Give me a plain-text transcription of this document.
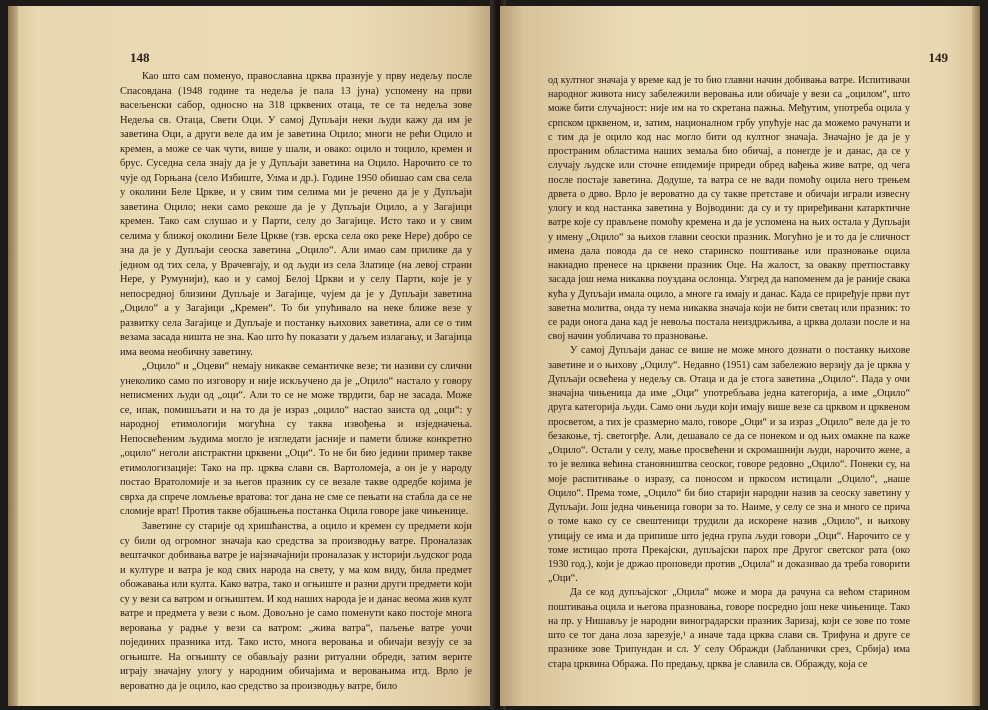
148

Као што сам поменуо, православна црква празнује у прву недељу после Спасовдана (1948 године та недеља је пала 13 јуна) успомену на први васељенски сабор, односно на 318 црквених отаца, те се та недеља зове Недеља св. Отаца, Свети Оци. У самој Дупљаји неки људи кажу да им је заветина Оци, а други веле да им је заветина Оцило; многи не рећи Оцило и кремен, а може се чак чути, више у шали, и овако: оцило и тоцило, кремен и брус. Суседна села знају да је у Дупљаји заветина на Оцило. Нарочито се то чује од Горњана (село Избиште, Улма и др.). Године 1950 обишао сам сва села у околини Беле Цркве, и у свим тим селима ми је речено да је у Дупљаји заветина Оцило; неки само рекоше да је у Дупљаји Оцило, а у Загајици кремен. Тако сам слушао и у Парти, селу до Загајице. Исто тако и у свим селима у ближој околини Беле Цркве (тзв. ерска села око реке Нере) добро се зна да је у Дупљаји сеоска заветина „Оцило“. Али имао сам прилике да у једном од тих села, у Врачевгају, и од људи из села Златице (на левој страни Нере, у Румунији), као и у самој Белој Цркви и у селу Парти, које је у непосредној близини Дупљаје и Загајице, чујем да је у Дупљаји заветина „Оцило“ а у Загајици „Кремен“. То би упућивало на неке ближе везе у развитку села Загајице и Дупљаје и постанку њихових заветина, али се о тим везама засада ништа не зна. Као што ћу показати у даљем излагању, и Загајица има веома необичну заветину.

„Оцило“ и „Оцеви“ немају никакве семантичке везе; ти називи су слични унеколико само по изговору и није искључено да је „Оцило“ настало у говору неписмених људи од „оци“. Али то се не може тврдити, бар не засада. Може се, ипак, помишљати и на то да је израз „оцило“ настао заиста од „оци“: у народној етимологији могућна су таква извођења и изједначења. Непосвећеним људима могло је изгледати јасније и памети ближе конкретно „оцило“ неголи апстрактни црквени „Оци“. То не би био једини пример такве етимологизације: Тако на пр. црква слави св. Вартоломеја, а он је у народу постао Вратоломије и за његов празник су се везале такве одредбе којима је сврха да спрече ломљење вратова: тог дана не сме се пењати на стабла да се не сломије врат! Против такве објашњења постанка Оцила говоре јаке чињенице.

Заветине су старије од хришћанства, а оцило и кремен су предмети који су били од огромног значаја као средства за производњу ватре. Проналазак вештачког добивања ватре је најзначајнији проналазак у историји људског рода и културе и ватра је код свих народа на свету, у ма ком виду, била предмет обожавања или култа. Како ватра, тако и огњиште и разни други предмети који су у вези са ватром и огњиштем. И код наших народа је и данас веома жив култ ватре и предмета у вези с њом. Довољно је само поменути како постоје многа веровања у радње у вези са ватром: „жива ватра“, паљење ватре уочи појединих празника итд. Тако исто, многа веровања и обичаји везују се за огњиште. На огњишту се обављају разни ритуални обреди, затим верите играју значајну улогу у народним обичајима и веровањима итд. Врло је вероватно да је оцило, као средство за производњу ватре, било

149

од култног значаја у време кад је то био главни начин добивања ватре. Испитивачи народног живота нису забележили веровања или обичаје у вези са „оцилом“, што може бити случајност: није им на то скретана пажња. Међутим, употреба оцила у српском црквеном, и, затим, националном грбу упућује нас да можемо рачунати и с тим да је оцило код нас могло бити од култног значаја. Значајно је да је у пространим областима наших земаља био обичај, а понегде је и данас, да се у случају људске или сточне епидемије приреди обред вађења живе ватре, од чега после постаје заветина. Додуше, та ватра се не вади помоћу оцила него трењем дрвета о дрво. Врло је вероватно да су такве претставе и обичаји играли извесну улогу и код настанка заветина у Војводини: да су и ту приређивани катарктичне ватре које су прављене помоћу кремена и да је успомена на њих остала у Дупљаји у имену „Оцило“ за њихов главни сеоски празник. Могућно је и то да је сличност имена дала повода да се неко старинско поштивање или празновање оцила накнадно пренесе на црквени празник Оце. На жалост, за овакву претпоставку засада још нема никаква поуздана ослонца. Узгред да напоменем да је раније свака кућа у Дупљаји имала оцило, а многе га имају и данас. Када се приређује први пут заветна молитва, онда ту нема никаква значаја који не бити светац или празник: то се ради онога дана кад је невоља постала неиздржљива, а црква долази после и на свој начин уобличава то празновање.

У самој Дупљаји данас се више не може много дознати о постанку њихове заветине и о њихову „Оцилу“. Недавно (1951) сам забележио верзију да је црква у Дупљаји освећена у недељу св. Отаца и да је стога заветина „Оцило“. Пада у очи значајна чињеница да име „Оци“ употребљава једна категорија, а име „Оцило“ друга категорија људи. Само они људи који имају више везе са црквом и црквеном просветом, а тих је сразмерно мало, говоре „Оци“ и за израз „Оцило“ веле да је то безакоње, тј. светогрђе. Али, дешавало се да се понеком и од њих омакне па каже „Оцило“. Остали у селу, мање просвећени и скромашнији људи, нарочито жене, а то је велика већина становништва сеоског, говоре редовно „Оцило“. Понеки су, на моје распитивање о изразу, са поносом и пркосом истицали „Оцило“, „наше Оцило“. Према томе, „Оцило“ би био старији народни назив за сеоску заветину у Дупљаји. Још једна чињеница говори за то. Наиме, у селу се зна и много се прича о томе како су се свештеници трудили да искорене назив „Оцило“, и њихову утицају се има и да припише што једна група људи говори „Оци“. Нарочито се у томе истицао прота Прекајски, дупљајски парох пре Другог светског рата (око 1930 год.), који је држао проповеди против „Оцила“ и доказивао да треба говорити „Оци“.

Да се код дупљајског „Оцила“ може и мора да рачуна са већом старином поштивања оцила и његова празновања, говоре посредно још неке чињенице. Тако на пр. у Нишављу је народни виноградарски празник Заризај, који се зове по томе што се тог дана лоза зарезује,¹ а иначе тада црква слави св. Трифуна и друге се празнике зове Трипундан и сл. У селу Ображди (Јабланички срез, Србија) има стара црквина Обража. По предању, црква је славила св. Ображду, која се
